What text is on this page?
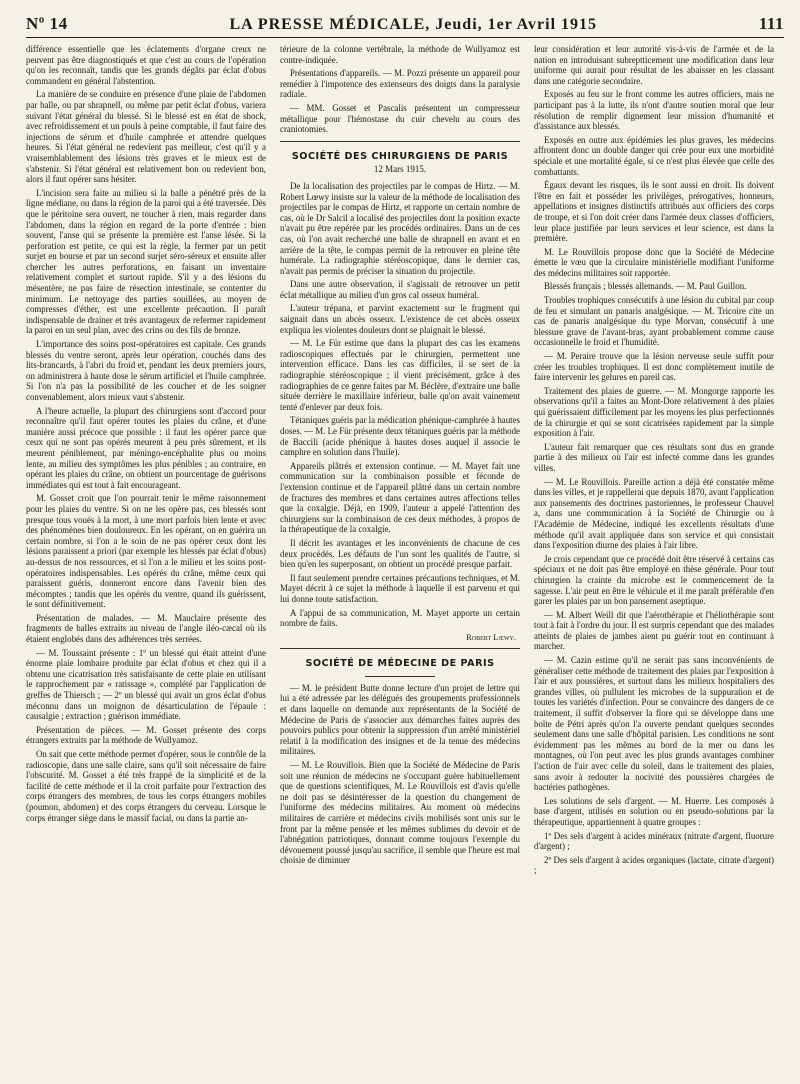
Nº 14	LA PRESSE MÉDICALE, Jeudi, 1er Avril 1915	111

différence essentielle que les éclatements d'organe creux ne peuvent pas être diagnostiqués et que c'est au cours de l'opération qu'on les reconnaît, tandis que les grands dégâts par éclat d'obus commandent en général l'abstention.

La manière de se conduire en présence d'une plaie de l'abdomen par balle, ou par shrapnell, ou même par petit éclat d'obus, variera suivant l'état général du blessé. Si le blessé est en état de shock, avec refroidissement et un pouls à peine comptable, il faut faire des injections de sérum et d'huile camphrée et attendre quelques heures. Si l'état général ne redevient pas meilleur, c'est qu'il y a vraisemblablement des lésions très graves et le mieux est de s'abstenir. Si l'état général est relativement bon ou redevient bon, alors il faut opérer sans hésiter.

L'incision sera faite au milieu si la balle a pénétré près de la ligne médiane, ou dans la région de la paroi qui a été traversée. Dès que le péritoine sera ouvert, ne toucher à rien, mais regarder dans l'abdomen, dans la région en regard de la porte d'entrée : bien souvent, l'anse qui se présente la première est l'anse lésée. Si la perforation est petite, ce qui est la règle, la fermer par un petit surjet en bourse et par un second surjet séro-séreux et ensuite aller chercher les autres perforations, en faisant un inventaire relativement complet et surtout rapide. S'il y a des lésions du mésentère, ne pas faire de résection intestinale, se contenter du minimum. Le nettoyage des parties souillées, au moyen de compresses d'éther, est une excellente précaution. Il paraît indispensable de drainer et très avantageux de refermer rapidement la paroi en un seul plan, avec des crins ou des fils de bronze.

L'importance des soins post-opératoires est capitale. Ces grands blessés du ventre seront, après leur opération, couchés dans des lits-brancards, à l'abri du froid et, pendant les deux premiers jours, on administrera à haute dose le sérum artificiel et l'huile camphrée. Si l'on n'a pas la possibilité de les coucher et de les soigner convenablement, alors mieux vaut s'abstenir.

A l'heure actuelle, la plupart des chirurgiens sont d'accord pour reconnaître qu'il faut opérer toutes les plaies du crâne, et d'une manière aussi précoce que possible : il faut les opérer parce que ceux qui ne sont pas opérés meurent à peu près sûrement, et ils meurent péniblement, par méningo-encéphalite plus ou moins lente, au milieu des symptômes les plus pénibles ; au contraire, en opérant les plaies du crâne, on obtient un pourcentage de guérisons immédiates qui est tout à fait encourageant.

M. Gosset croit que l'on pourrait tenir le même raisonnement pour les plaies du ventre. Si on ne les opère pas, ces blessés sont presque tous voués à la mort, à une mort parfois bien lente et avec des phénomènes bien douloureux. En les opérant, on en guérira un certain nombre, si l'on a le soin de ne pas opérer ceux dont les lésions paraissent a priori (par exemple les blessés par éclat d'obus) au-dessus de nos ressources, et si l'on a le milieu et les soins post-opératoires indispensables. Les opérés du crâne, même ceux qui paraissent guéris, donneront encore dans l'avenir bien des mécomptes ; tandis que les opérés du ventre, quand ils guérissent, le sont définitivement.

Présentation de malades. — M. Mauclaire présente des fragments de balles extraits au niveau de l'angle iléo-cæcal où ils étaient englobés dans des adhérences très serrées.

— M. Toussaint présente : 1º un blessé qui était atteint d'une énorme plaie lombaire produite par éclat d'obus et chez qui il a obtenu une cicatrisation très satisfaisante de cette plaie en utilisant le rapprochement par « ratissage », complété par l'application de greffes de Thiersch ; — 2º un blessé qui avait un gros éclat d'obus méconnu dans un moignon de désarticulation de l'épaule : causalgie ; extraction ; guérison immédiate.

Présentation de pièces. — M. Gosset présente des corps étrangers extraits par la méthode de Wullyamoz.

On sait que cette méthode permet d'opérer, sous le contrôle de la radioscopie, dans une salle claire, sans qu'il soit nécessaire de faire l'obscurité. M. Gosset a été très frappé de la simplicité et de la facilité de cette méthode et il la croit parfaite pour l'extraction des corps étrangers des membres, de tous les corps étrangers mobiles (poumon, abdomen) et des corps étrangers du cerveau. Lorsque le corps étranger siège dans le massif facial, ou dans la partie an-

térieure de la colonne vertébrale, la méthode de Wullyamoz est contre-indiquée.

Présentations d'appareils. — M. Pozzi présente un appareil pour remédier à l'impotence des extenseurs des doigts dans la paralysie radiale.

— MM. Gosset et Pascalis présentent un compresseur métallique pour l'hémostase du cuir chevelu au cours des craniotomies.

SOCIÉTÉ DES CHIRURGIENS DE PARIS
12 Mars 1915.

De la localisation des projectiles par le compas de Hirtz. — M. Robert Lœwy insiste sur la valeur de la méthode de localisation des projectiles par le compas de Hirtz, et rapporte un certain nombre de cas, où le Dr Salcil a localisé des projectiles dont la position exacte n'avait pu être repérée par les procédés ordinaires. Dans un de ces cas, où l'on avait recherché une balle de shrapnell en avant et en arrière de la tête, le compas permit de la retrouver en pleine tête humérale. La radiographie stéréoscopique, dans le dernier cas, n'avait pas permis de préciser la situation du projectile.

Dans une autre observation, il s'agissait de retrouver un petit éclat métallique au milieu d'un gros cal osseux huméral.

L'auteur trépana, et parvint exactement sur le fragment qui saignait dans un abcès osseux. L'existence de cet abcès osseux expliqua les violentes douleurs dont se plaignait le blessé.

— M. Le Für estime que dans la plupart des cas les examens radioscopiques effectués par le chirurgien, permettent une intervention efficace. Dans les cas difficiles, il se sert de la radiographie stéréoscopique ; il vient précisément, grâce à des radiographies de ce genre faites par M. Béclère, d'extraire une balle située derrière le maxillaire inférieur, balle qu'on avait vainement tenté d'enlever par deux fois.

Tétaniques guéris par la médication phénique-camphrée à hautes doses. — M. Le Für présente deux tétaniques guéris par la méthode de Baccili (acide phénique à hautes doses auquel il associe le camphre en solution dans l'huile).

Appareils plâtrés et extension continue. — M. Mayet fait une communication sur la combinaison possible et féconde de l'extension continue et de l'appareil plâtré dans un certain nombre de fractures des membres et dans certaines autres affections telles que la coxalgie. Déjà, en 1909, l'auteur a appelé l'attention des chirurgiens sur la combinaison de ces deux méthodes, à propos de la thérapeutique de la coxalgie.

Il décrit les avantages et les inconvénients de chacune de ces deux procédés. Les défauts de l'un sont les qualités de l'autre, si bien qu'en les superposant, on obtient un procédé presque parfait.

Il faut seulement prendre certaines précautions techniques, et M. Mayet décrit à ce sujet la méthode à laquelle il est parvenu et qui lui donne toute satisfaction.

A l'appui de sa communication, M. Mayet apporte un certain nombre de faits.

Robert Lœwy.
SOCIÉTÉ DE MÉDECINE DE PARIS

— M. le président Butte donne lecture d'un projet de lettre qui lui a été adressée par les délégués des groupements professionnels et dans laquelle on demande aux représentants de la Société de Médecine de Paris de s'associer aux démarches faites auprès des pouvoirs publics pour obtenir la suppression d'un arrêté ministériel relatif à la modification des insignes et de la tenue des médecins militaires.

— M. Le Rouvillois. Bien que la Société de Médecine de Paris soit une réunion de médecins ne s'occupant guère habituellement que de questions scientifiques, M. Le Rouvillois est d'avis qu'elle ne doit pas se désintéresser de la question du changement de l'uniforme des médecins militaires. Au moment où médecins militaires de carrière et médecins civils mobilisés sont unis sur le front par la même pensée et les mêmes sublimes du devoir et de l'abnégation patriotiques, donnant comme toujours l'exemple du dévouement poussé jusqu'au sacrifice, il semble que l'heure est mal choisie de diminuer

leur considération et leur autorité vis-à-vis de l'armée et de la nation en introduisant subreptticement une modification dans leur uniforme qui aurait pour résultat de les abaisser en les classant dans une catégorie secondaire.

Exposés au feu sur le front comme les autres officiers, mais ne participant pas à la lutte, ils n'ont d'autre soutien moral que leur résolution de remplir dignement leur mission d'humanité et d'assistance aux blessés.

Exposés en outre aux épidémies les plus graves, les médecins affrontent donc un double danger qui crée pour eux une morbidité spéciale et une mortalité égale, si ce n'est plus élevée que celle des combattants.

Égaux devant les risques, ils le sont aussi en droit. Ils doivent l'être en fait et posséder les privilèges, prérogatives, honneurs, appellations et insignes distinctifs attribués aux officiers des corps de troupe, et si l'on doit créer dans l'armée deux classes d'officiers, leur place justifiée par leurs services et leur science, est dans la première.

M. Le Rouvillois propose donc que la Société de Médecine émette le vœu que la circulaire ministérielle modifiant l'uniforme des médecins militaires soit rapportée.

Blessés français ; blessés allemands. — M. Paul Guillon.

Troubles trophiques consécutifs à une lésion du cubital par coup de feu et simulant un panaris analgésique. — M. Tricoire cite un cas de panaris analgésique du type Morvan, consécutif à une blessure grave de l'avant-bras, ayant probablement comme cause occasionnelle le froid et l'humidité.

— M. Peraire trouve que la lésion nerveuse seule suffit pour créer les troubles trophiques. Il est donc complètement inutile de faire intervenir les gelures en pareil cas.

Traitement des plaies de guerre. — M. Mongorge rapporte les observations qu'il a faites au Mont-Dore relativement à des plaies qui guérissaient difficilement par les moyens les plus perfectionnés de la chirurgie et qui se sont cicatrisées rapidement par la simple exposition à l'air.

L'auteur fait remarquer que ces résultats sont dus en grande partie à des milieux où l'air est infecté comme dans les grandes villes.

— M. Le Rouvillois. Pareille action a déjà été constatée même dans les villes, et je rappellerai que depuis 1870, avant l'application aux pansements des doctrines pastoriennes, le professeur Chauvel a, dans une communication à la Société de Chirurgie ou à l'Académie de Médecine, indiqué les excellents résultats d'une méthode qu'il avait appliquée dans son service et qui consistait dans l'exposition diurne des plaies à l'air libre.

Je crois cependant que ce procédé doit être réservé à certains cas spéciaux et ne doit pas être employé en thèse générale. Pour tout chirurgien la crainte du microbe est le commencement de la sagesse. L'air peut en être le véhicule et il me paraît préférable d'en garer les plaies par un bon pansement aseptique.

— M. Albert Weill dit que l'aérothérapie et l'héliothérapie sont tout à fait à l'ordre du jour. Il est surpris cependant que des malades atteints de plaies de jambes aient pu guérir tout en continuant à marcher.

— M. Cazin estime qu'il ne serait pas sans inconvénients de généraliser cette méthode de traitement des plaies par l'exposition à l'air et aux poussières, et surtout dans les milieux hospitaliers des grandes villes, où pullulent les microbes de la suppuration et de toutes les variétés d'infection. Pour se convaincre des dangers de ce traitement, il suffit d'observer la flore qui se développe dans une boîte de Pétri après qu'on l'a ouverte pendant quelques secondes seulement dans une salle d'hôpital parisien. Les conditions ne sont évidemment pas les mêmes au bord de la mer ou dans les montagnes, où l'on peut avec les plus grands avantages combiner l'action de l'air avec celle du soleil, dans le traitement des plaies, sans avoir à redouter la nocivité des poussières chargées de bactéries pathogènes.

Les solutions de sels d'argent. — M. Huerre. Les composés à base d'argent, utilisés en solution ou en pseudo-solutions par la thérapeutique, appartiennent à quatre groupes :

1º Des sels d'argent à acides minéraux (nitrate d'argent, fluorure d'argent) ;

2º Des sels d'argent à acides organiques (lactate, citrate d'argent) ;
